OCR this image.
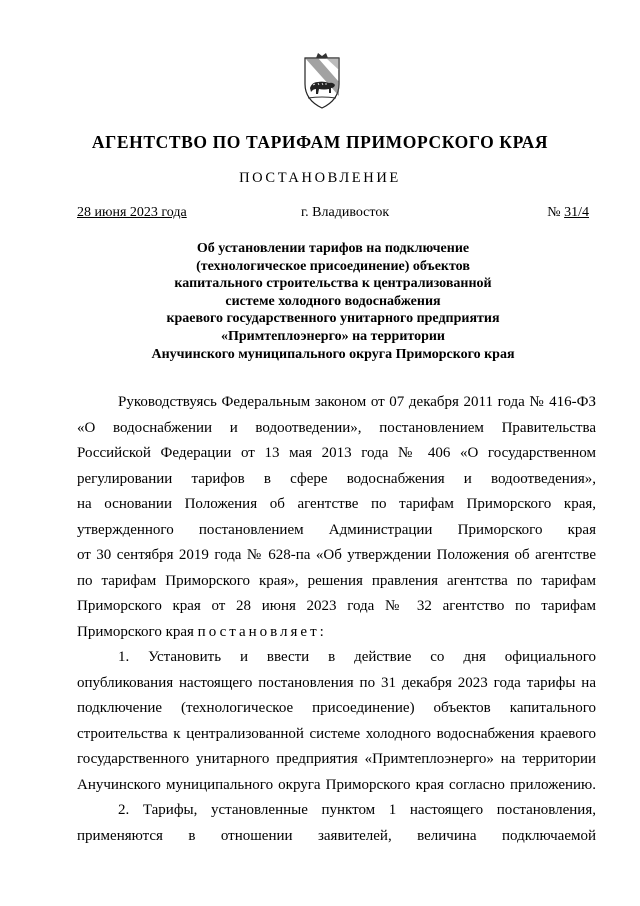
АГЕНТСТВО ПО ТАРИФАМ ПРИМОРСКОГО КРАЯ
ПОСТАНОВЛЕНИЕ
28 июня 2023 года	г. Владивосток	№ 31/4
Об установлении тарифов на подключение
(технологическое присоединение) объектов
капитального строительства к централизованной
системе холодного водоснабжения
краевого государственного унитарного предприятия
«Примтеплоэнерго» на территории
Анучинского муниципального округа Приморского края
Руководствуясь Федеральным законом от 07 декабря 2011 года № 416-ФЗ
«О водоснабжении и водоотведении», постановлением Правительства
Российской Федерации от 13 мая 2013 года № 406 «О государственном
регулировании тарифов в сфере водоснабжения и водоотведения»,
на основании Положения об агентстве по тарифам Приморского края,
утвержденного постановлением Администрации Приморского края
от 30 сентября 2019 года № 628-па «Об утверждении Положения об агентстве
по тарифам Приморского края», решения правления агентства по тарифам
Приморского края от 28 июня 2023 года № 32 агентство по тарифам
Приморского края постановляет:
1. Установить и ввести в действие со дня официального
опубликования настоящего постановления по 31 декабря 2023 года тарифы на
подключение (технологическое присоединение) объектов капитального
строительства к централизованной системе холодного водоснабжения краевого
государственного унитарного предприятия «Примтеплоэнерго» на территории
Анучинского муниципального округа Приморского края согласно приложению.
2. Тарифы, установленные пунктом 1 настоящего постановления,
применяются в отношении заявителей, величина подключаемой
